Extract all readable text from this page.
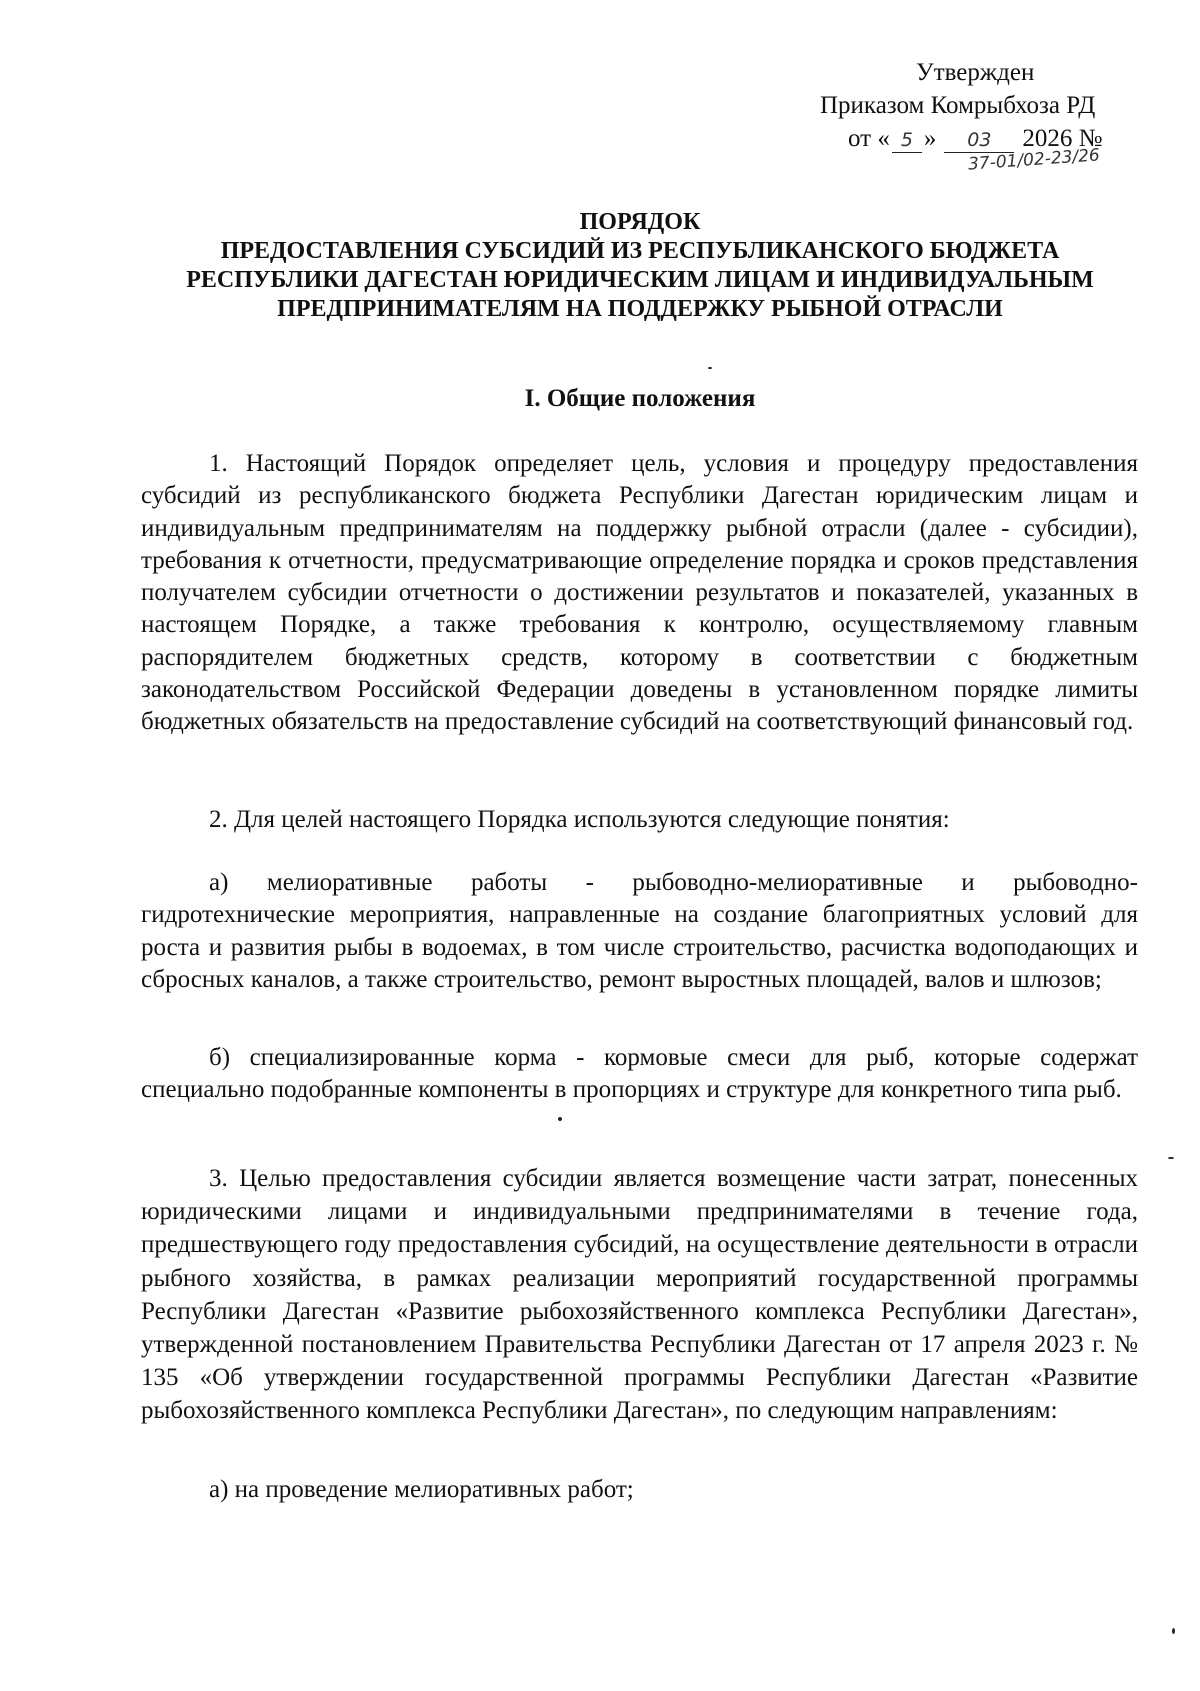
Утвержден
Приказом Комрыбхоза РД
от « 5 » 03 2026 №
37-01/02-23/26
ПОРЯДОК
ПРЕДОСТАВЛЕНИЯ СУБСИДИЙ ИЗ РЕСПУБЛИКАНСКОГО БЮДЖЕТА
РЕСПУБЛИКИ ДАГЕСТАН ЮРИДИЧЕСКИМ ЛИЦАМ И ИНДИВИДУАЛЬНЫМ
ПРЕДПРИНИМАТЕЛЯМ НА ПОДДЕРЖКУ РЫБНОЙ ОТРАСЛИ
I. Общие положения

1. Настоящий Порядок определяет цель, условия и процедуру предоставления субсидий из республиканского бюджета Республики Дагестан юридическим лицам и индивидуальным предпринимателям на поддержку рыбной отрасли (далее - субсидии), требования к отчетности, предусматривающие определение порядка и сроков представления получателем субсидии отчетности о достижении результатов и показателей, указанных в настоящем Порядке, а также требования к контролю, осуществляемому главным распорядителем бюджетных средств, которому в соответствии с бюджетным законодательством Российской Федерации доведены в установленном порядке лимиты бюджетных обязательств на предоставление субсидий на соответствующий финансовый год.

2. Для целей настоящего Порядка используются следующие понятия:

а) мелиоративные работы - рыбоводно-мелиоративные и рыбоводно-гидротехнические мероприятия, направленные на создание благоприятных условий для роста и развития рыбы в водоемах, в том числе строительство, расчистка водоподающих и сбросных каналов, а также строительство, ремонт выростных площадей, валов и шлюзов;

б) специализированные корма - кормовые смеси для рыб, которые содержат специально подобранные компоненты в пропорциях и структуре для конкретного типа рыб.

3. Целью предоставления субсидии является возмещение части затрат, понесенных юридическими лицами и индивидуальными предпринимателями в течение года, предшествующего году предоставления субсидий, на осуществление деятельности в отрасли рыбного хозяйства, в рамках реализации мероприятий государственной программы Республики Дагестан «Развитие рыбохозяйственного комплекса Республики Дагестан», утвержденной постановлением Правительства Республики Дагестан от 17 апреля 2023 г. № 135 «Об утверждении государственной программы Республики Дагестан «Развитие рыбохозяйственного комплекса Республики Дагестан», по следующим направлениям:

а) на проведение мелиоративных работ;
